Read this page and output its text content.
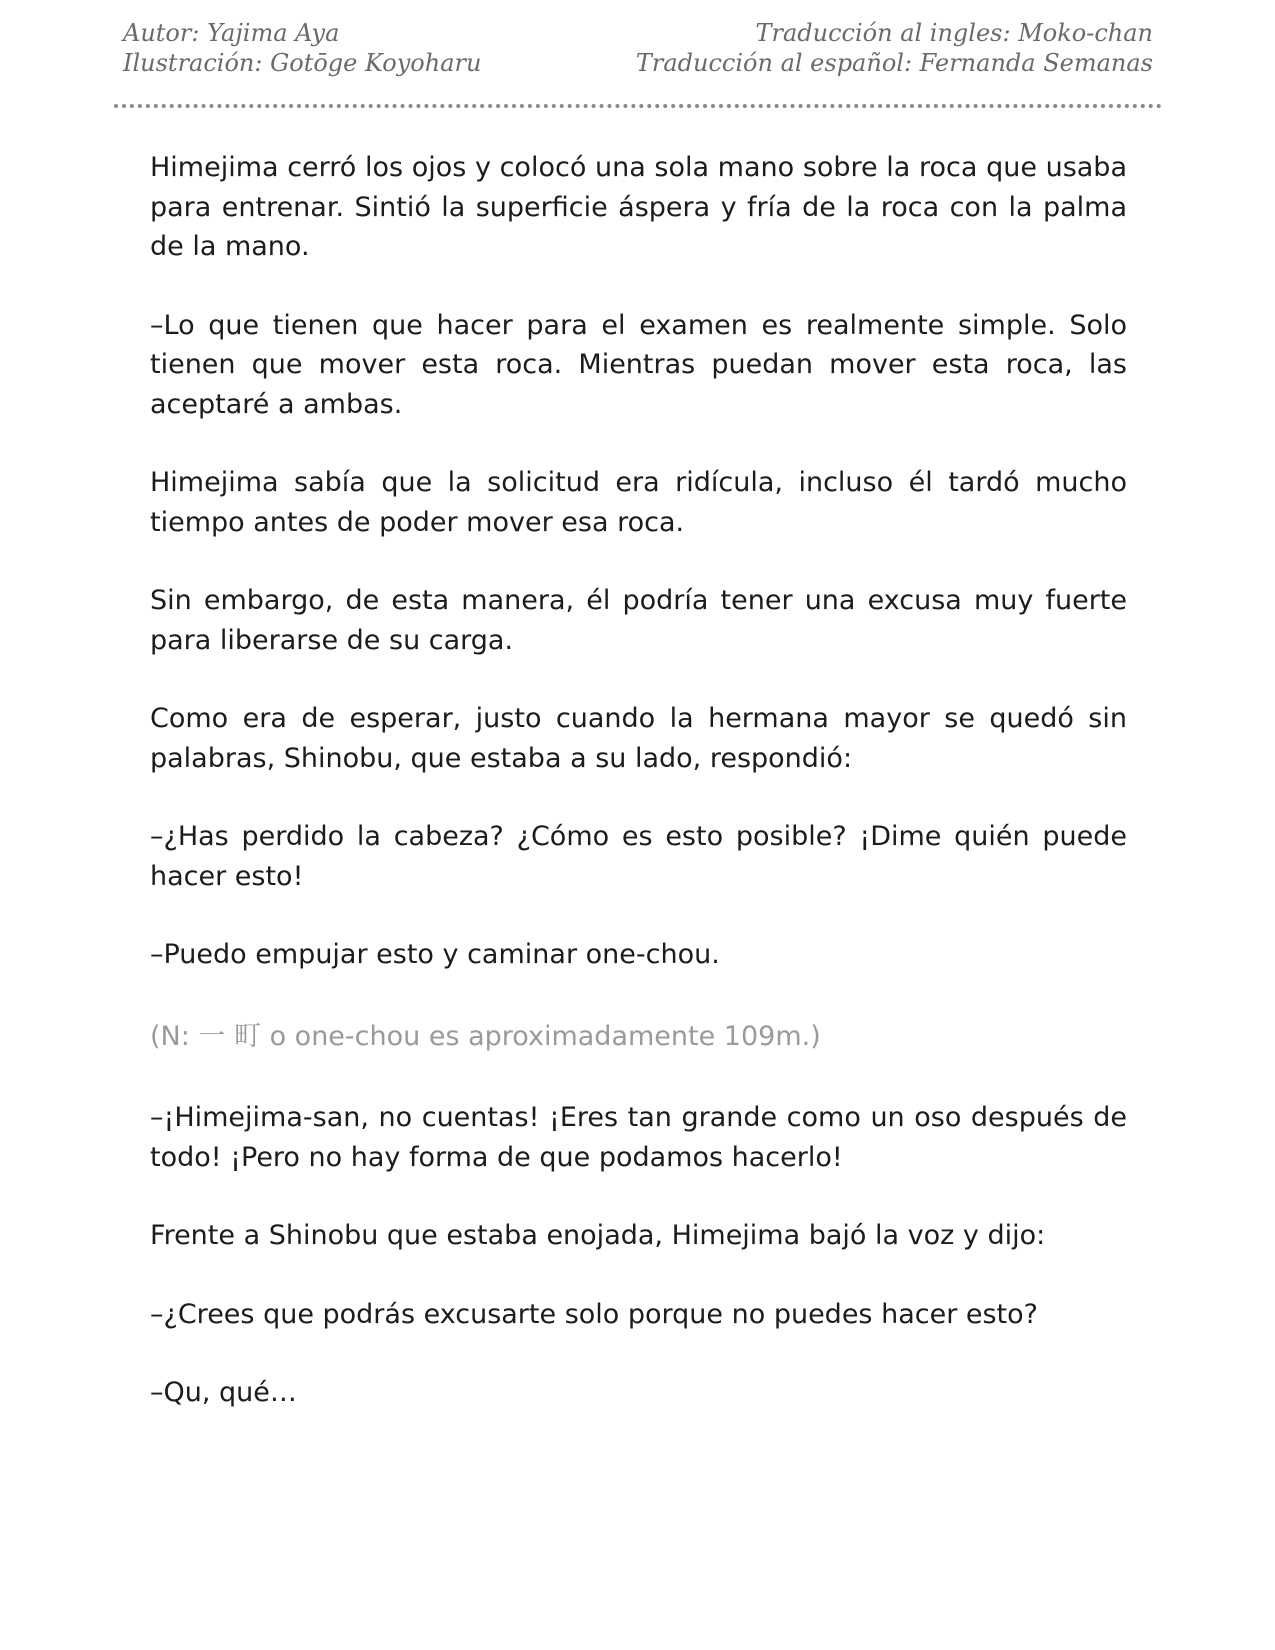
Autor: Yajima Aya
Ilustración: Gotōge Koyoharu
Traducción al ingles: Moko-chan
Traducción al español: Fernanda Semanas

Himejima cerró los ojos y colocó una sola mano sobre la roca que usaba para entrenar. Sintió la superficie áspera y fría de la roca con la palma de la mano.

–Lo que tienen que hacer para el examen es realmente simple. Solo tienen que mover esta roca. Mientras puedan mover esta roca, las aceptaré a ambas.

Himejima sabía que la solicitud era ridícula, incluso él tardó mucho tiempo antes de poder mover esa roca.

Sin embargo, de esta manera, él podría tener una excusa muy fuerte para liberarse de su carga.

Como era de esperar, justo cuando la hermana mayor se quedó sin palabras, Shinobu, que estaba a su lado, respondió:

–¿Has perdido la cabeza? ¿Cómo es esto posible? ¡Dime quién puede hacer esto!

–Puedo empujar esto y caminar one-chou.

(N: 一 町 o one-chou es aproximadamente 109m.)

–¡Himejima-san, no cuentas! ¡Eres tan grande como un oso después de todo! ¡Pero no hay forma de que podamos hacerlo!

Frente a Shinobu que estaba enojada, Himejima bajó la voz y dijo:

–¿Crees que podrás excusarte solo porque no puedes hacer esto?

–Qu, qué…
